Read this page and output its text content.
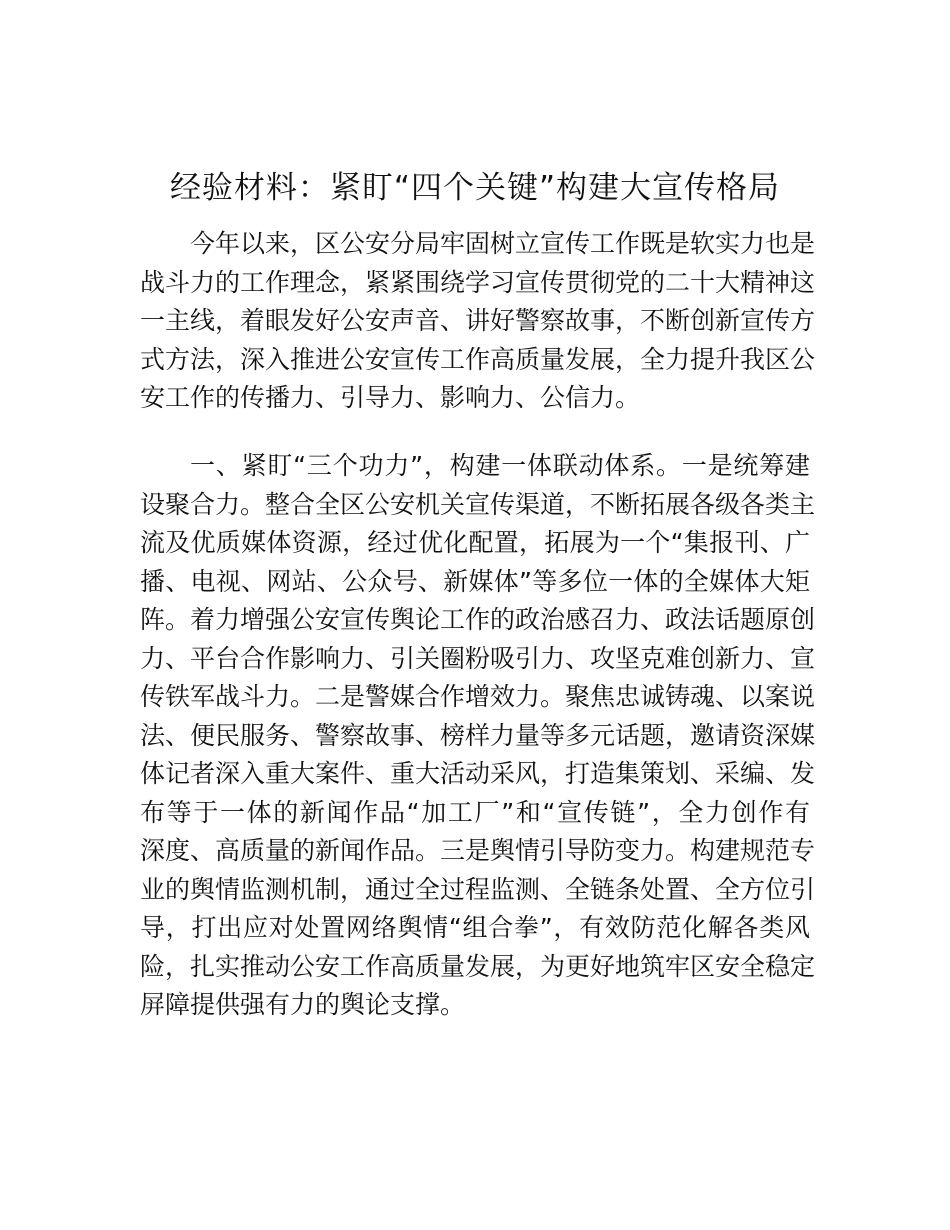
经验材料：紧盯“四个关键”构建大宣传格局
今年以来，区公安分局牢固树立宣传工作既是软实力也是
战斗力的工作理念，紧紧围绕学习宣传贯彻党的二十大精神这
一主线，着眼发好公安声音、讲好警察故事，不断创新宣传方
式方法，深入推进公安宣传工作高质量发展，全力提升我区公
安工作的传播力、引导力、影响力、公信力。
一、紧盯“三个功力”，构建一体联动体系。一是统筹建
设聚合力。整合全区公安机关宣传渠道，不断拓展各级各类主
流及优质媒体资源，经过优化配置，拓展为一个“集报刊、广
播、电视、网站、公众号、新媒体”等多位一体的全媒体大矩
阵。着力增强公安宣传舆论工作的政治感召力、政法话题原创
力、平台合作影响力、引关圈粉吸引力、攻坚克难创新力、宣
传铁军战斗力。二是警媒合作增效力。聚焦忠诚铸魂、以案说
法、便民服务、警察故事、榜样力量等多元话题，邀请资深媒
体记者深入重大案件、重大活动采风，打造集策划、采编、发
布等于一体的新闻作品“加工厂”和“宣传链”，全力创作有
深度、高质量的新闻作品。三是舆情引导防变力。构建规范专
业的舆情监测机制，通过全过程监测、全链条处置、全方位引
导，打出应对处置网络舆情“组合拳”，有效防范化解各类风
险，扎实推动公安工作高质量发展，为更好地筑牢区安全稳定
屏障提供强有力的舆论支撑。
